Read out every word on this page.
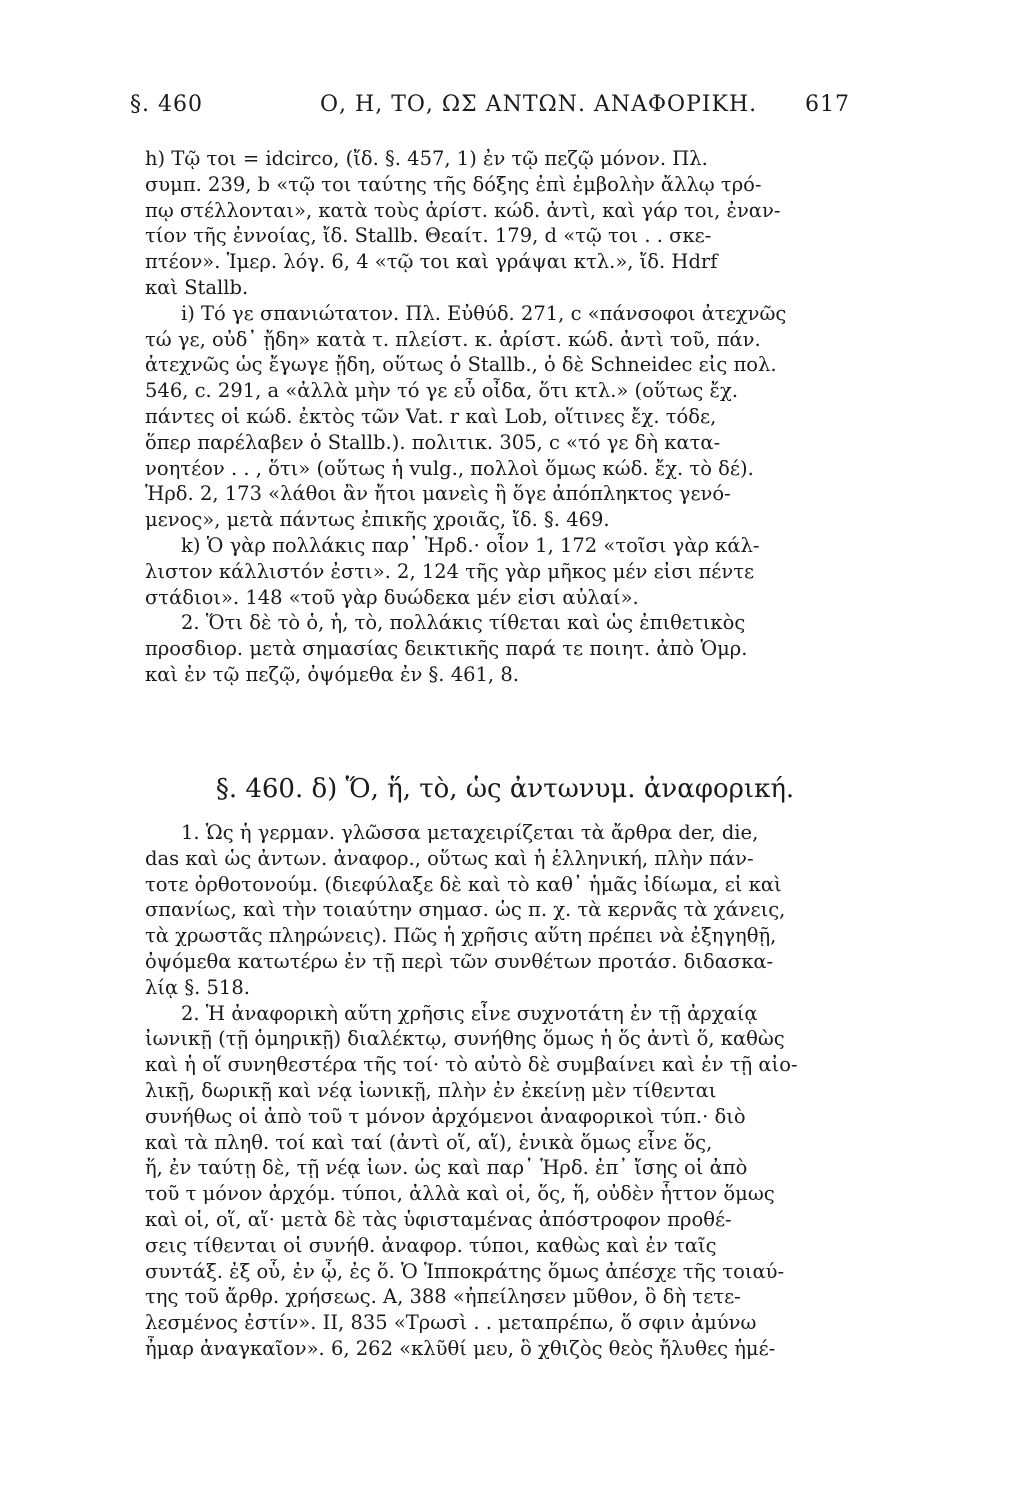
§. 460	Ο, Η, ΤΟ, ΩΣ ΑΝΤΩΝ. ΑΝΑΦΟΡΙΚΗ. 617
h) Τῷ τοι = idcirco, (ἴδ. §. 457, 1) ἐν τῷ πεζῷ μόνον. Πλ.
συμπ. 239, b «τῷ τοι ταύτης τῆς δόξης ἐπὶ ἐμβολὴν ἄλλῳ τρό-
πῳ στέλλονται», κατὰ τοὺς ἀρίστ. κώδ. ἀντὶ, καὶ γάρ τοι, ἐναν-
τίον τῆς ἐννοίας, ἴδ. Stallb. Θεαίτ. 179, d «τῷ τοι . . σκε-
πτέον». Ἱμερ. λόγ. 6, 4 «τῷ τοι καὶ γράψαι κτλ.», ἴδ. Hdrf
καὶ Stallb.
i) Τό γε σπανιώτατον. Πλ. Εὐθύδ. 271, c «πάνσοφοι ἀτεχνῶς
τώ γε, οὐδ᾽ ᾔδη» κατὰ τ. πλείστ. κ. ἀρίστ. κώδ. ἀντὶ τοῦ, πάν.
ἀτεχνῶς ὡς ἔγωγε ᾔδη, οὕτως ὁ Stallb., ὁ δὲ Schneidec εἰς πολ.
546, c. 291, a «ἀλλὰ μὴν τό γε εὖ οἶδα, ὅτι κτλ.» (οὕτως ἔχ.
πάντες οἱ κώδ. ἐκτὸς τῶν Vat. r καὶ Lob, οἵτινες ἔχ. τόδε,
ὅπερ παρέλαβεν ὁ Stallb.). πολιτικ. 305, c «τό γε δὴ κατα-
νοητέον . . , ὅτι» (οὕτως ἡ vulg., πολλοὶ ὅμως κώδ. ἔχ. τὸ δέ).
Ἡρδ. 2, 173 «λάθοι ἂν ἤτοι μανεὶς ἢ ὅγε ἀπόπληκτος γενό-
μενος», μετὰ πάντως ἐπικῆς χροιᾶς, ἴδ. §. 469.
k) Ὁ γὰρ πολλάκις παρ᾽ Ἡρδ.· οἷον 1, 172 «τοῖσι γὰρ κάλ-
λιστον κάλλιστόν ἐστι». 2, 124 τῆς γὰρ μῆκος μέν εἰσι πέντε
στάδιοι». 148 «τοῦ γὰρ δυώδεκα μέν εἰσι αὐλαί».
2. Ὅτι δὲ τὸ ὁ, ἡ, τὸ, πολλάκις τίθεται καὶ ὡς ἐπιθετικὸς
προσδιορ. μετὰ σημασίας δεικτικῆς παρά τε ποιητ. ἀπὸ Ὁμρ.
καὶ ἐν τῷ πεζῷ, ὀψόμεθα ἐν §. 461, 8.
§. 460. δ) Ὅ, ἥ, τὸ, ὡς ἀντωνυμ. ἀναφορική.
1. Ὡς ἡ γερμαν. γλῶσσα μεταχειρίζεται τὰ ἄρθρα der, die,
das καὶ ὡς ἀντων. ἀναφορ., οὕτως καὶ ἡ ἑλληνική, πλὴν πάν-
τοτε ὀρθοτονούμ. (διεφύλαξε δὲ καὶ τὸ καθ᾽ ἡμᾶς ἰδίωμα, εἰ καὶ
σπανίως, καὶ τὴν τοιαύτην σημασ. ὡς π. χ. τὰ κερνᾶς τὰ χάνεις,
τὰ χρωστᾶς πληρώνεις). Πῶς ἡ χρῆσις αὕτη πρέπει νὰ ἐξηγηθῇ,
ὀψόμεθα κατωτέρω ἐν τῇ περὶ τῶν συνθέτων προτάσ. διδασκα-
λίᾳ §. 518.
2. Ἡ ἀναφορικὴ αὕτη χρῆσις εἶνε συχνοτάτη ἐν τῇ ἀρχαίᾳ
ἰωνικῇ (τῇ ὁμηρικῇ) διαλέκτῳ, συνήθης ὅμως ἡ ὅς ἀντὶ ὅ, καθὼς
καὶ ἡ οἵ συνηθεστέρα τῆς τοί· τὸ αὐτὸ δὲ συμβαίνει καὶ ἐν τῇ αἰο-
λικῇ, δωρικῇ καὶ νέᾳ ἰωνικῇ, πλὴν ἐν ἐκείνῃ μὲν τίθενται
συνήθως οἱ ἀπὸ τοῦ τ μόνον ἀρχόμενοι ἀναφορικοὶ τύπ.· διὸ
καὶ τὰ πληθ. τοί καὶ ταί (ἀντὶ οἵ, αἵ), ἑνικὰ ὅμως εἶνε ὅς,
ἥ, ἐν ταύτῃ δὲ, τῇ νέᾳ ἰων. ὡς καὶ παρ᾽ Ἡρδ. ἐπ᾽ ἴσης οἱ ἀπὸ
τοῦ τ μόνον ἀρχόμ. τύποι, ἀλλὰ καὶ οἱ, ὅς, ἥ, οὐδὲν ἧττον ὅμως
καὶ οἱ, οἵ, αἵ· μετὰ δὲ τὰς ὑφισταμένας ἀπόστροφον προθέ-
σεις τίθενται οἱ συνήθ. ἀναφορ. τύποι, καθὼς καὶ ἐν ταῖς
συντάξ. ἐξ οὗ, ἐν ᾧ, ἐς ὅ. Ὁ Ἱπποκράτης ὅμως ἀπέσχε τῆς τοιαύ-
της τοῦ ἄρθρ. χρήσεως. Α, 388 «ἠπείλησεν μῦθον, ὃ δὴ τετε-
λεσμένος ἐστίν». ΙΙ, 835 «Τρωσὶ . . μεταπρέπω, ὅ σφιν ἀμύνω
ἦμαρ ἀναγκαῖον». 6, 262 «κλῦθί μευ, ὃ χθιζὸς θεὸς ἤλυθες ἡμέ-
